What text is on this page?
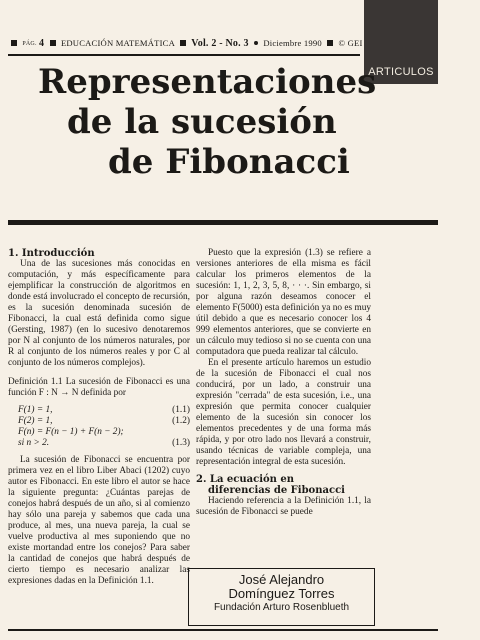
PÁG. 4 EDUCACIÓN MATEMÁTICA Vol. 2 - No. 3 Diciembre 1990 © GEI
ARTICULOS
Representaciones
de la sucesión
de Fibonacci

1. Introducción

Una de las sucesiones más conocidas en computación, y más específicamente para ejemplificar la construcción de algoritmos en donde está involucrado el concepto de recursión, es la sucesión denominada sucesión de Fibonacci, la cual está definida como sigue (Gersting, 1987) (en lo sucesivo denotaremos por N al conjunto de los números naturales, por R al conjunto de los números reales y por C al conjunto de los números complejos).

Definición 1.1 La sucesión de Fibonacci es una función F : N → N definida por

F(1) = 1,	(1.1)

F(2) = 1,	(1.2)

F(n) = F(n − 1) + F(n − 2);

si n > 2.	(1.3)

La sucesión de Fibonacci se encuentra por primera vez en el libro Liber Abaci (1202) cuyo autor es Fibonacci. En este libro el autor se hace la siguiente pregunta: ¿Cuántas parejas de conejos habrá después de un año, si al comienzo hay sólo una pareja y sabemos que cada una produce, al mes, una nueva pareja, la cual se vuelve productiva al mes suponiendo que no existe mortandad entre los conejos? Para saber la cantidad de conejos que habrá después de cierto tiempo es necesario analizar las expresiones dadas en la Definición 1.1.

Puesto que la expresión (1.3) se refiere a versiones anteriores de ella misma es fácil calcular los primeros elementos de la sucesión: 1, 1, 2, 3, 5, 8, · · ·. Sin embargo, si por alguna razón deseamos conocer el elemento F(5000) esta definición ya no es muy útil debido a que es necesario conocer los 4 999 elementos anteriores, que se convierte en un cálculo muy tedioso si no se cuenta con una computadora que pueda realizar tal cálculo.

En el presente artículo haremos un estudio de la sucesión de Fibonacci el cual nos conducirá, por un lado, a construir una expresión "cerrada" de esta sucesión, i.e., una expresión que permita conocer cualquier elemento de la sucesión sin conocer los elementos precedentes y de una forma más rápida, y por otro lado nos llevará a construir, usando técnicas de variable compleja, una representación integral de esta sucesión.

2. La ecuación en
diferencias de Fibonacci

Haciendo referencia a la Definición 1.1, la sucesión de Fibonacci se puede

José Alejandro
Domínguez Torres
Fundación Arturo Rosenblueth
